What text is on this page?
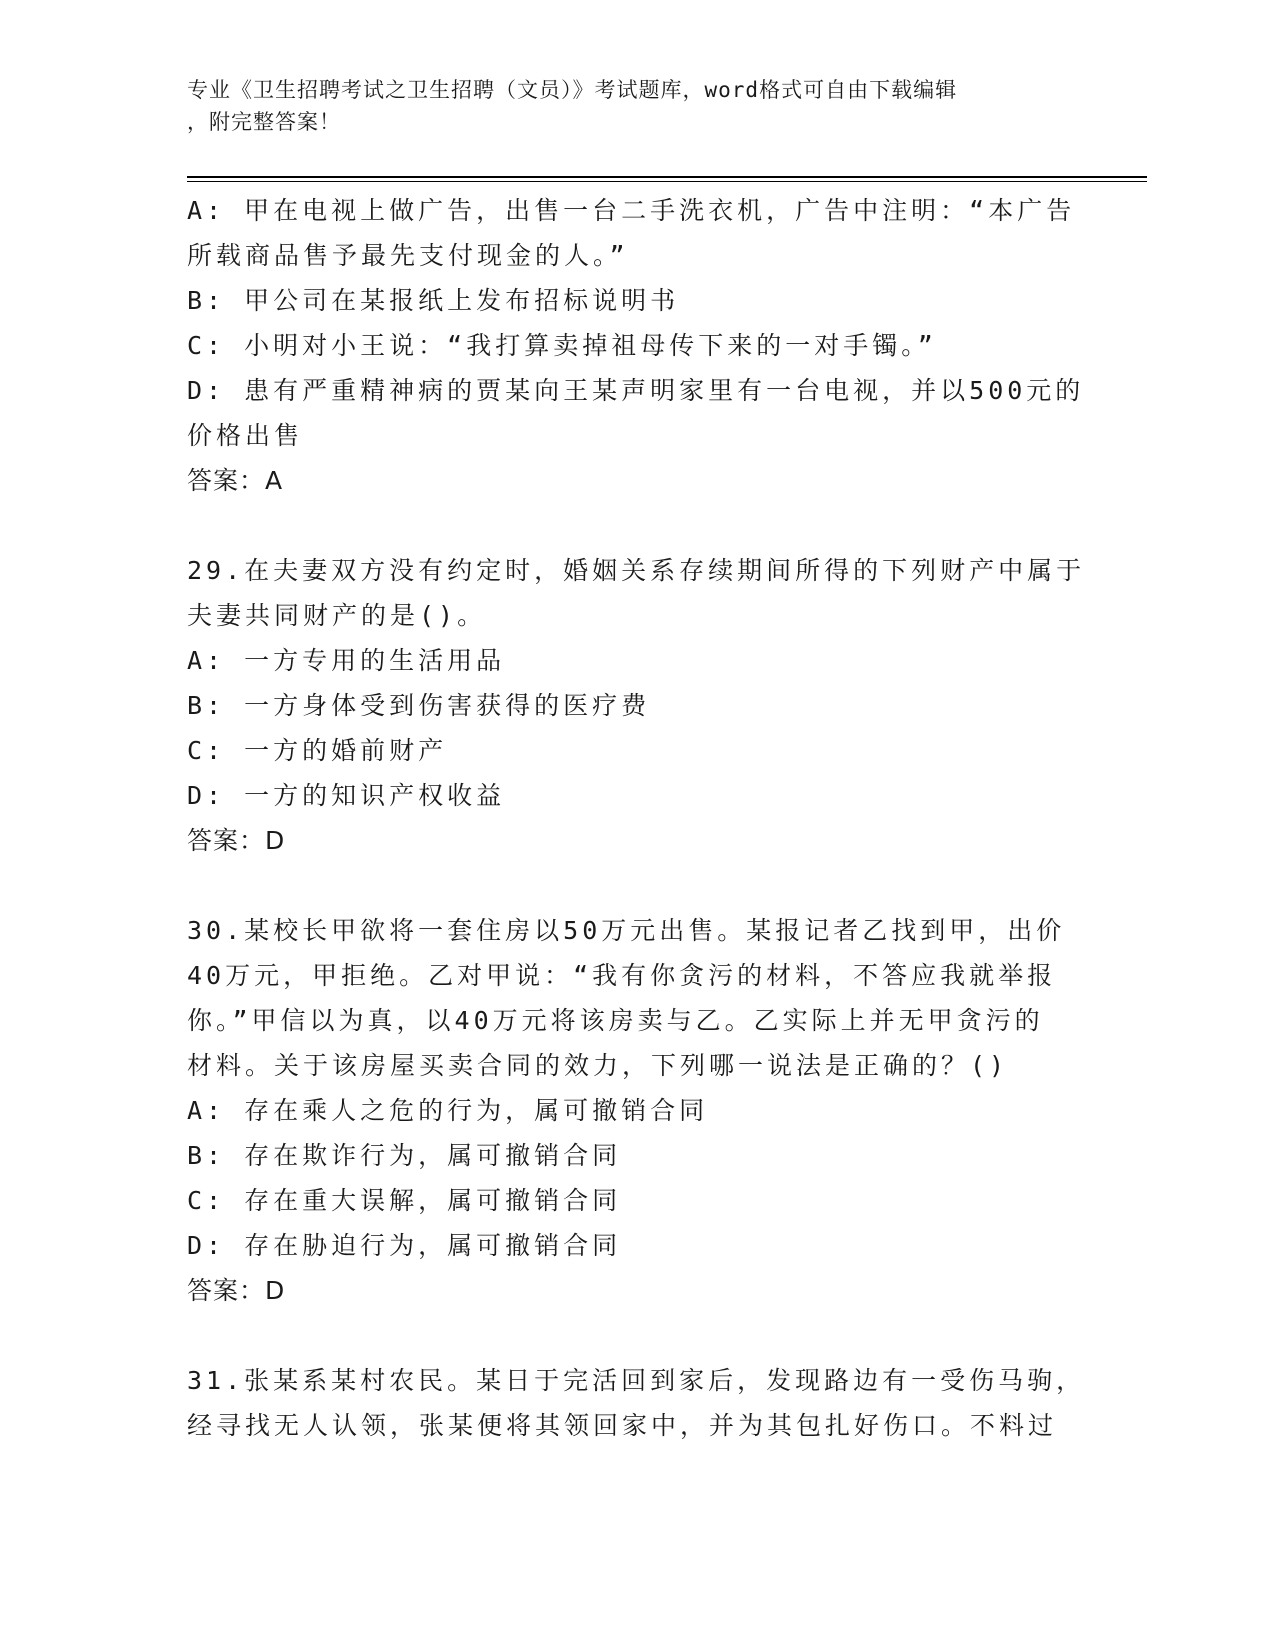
专业《卫生招聘考试之卫生招聘（文员）》考试题库，word格式可自由下载编辑
，附完整答案！
A: 甲在电视上做广告，出售一台二手洗衣机，广告中注明：“本广告
所载商品售予最先支付现金的人。”
B: 甲公司在某报纸上发布招标说明书
C: 小明对小王说：“我打算卖掉祖母传下来的一对手镯。”
D: 患有严重精神病的贾某向王某声明家里有一台电视，并以500元的
价格出售
答案：A
29.在夫妻双方没有约定时，婚姻关系存续期间所得的下列财产中属于
夫妻共同财产的是()。
A: 一方专用的生活用品
B: 一方身体受到伤害获得的医疗费
C: 一方的婚前财产
D: 一方的知识产权收益
答案：D
30.某校长甲欲将一套住房以50万元出售。某报记者乙找到甲，出价
40万元，甲拒绝。乙对甲说：“我有你贪污的材料，不答应我就举报
你。”甲信以为真，以40万元将该房卖与乙。乙实际上并无甲贪污的
材料。关于该房屋买卖合同的效力，下列哪一说法是正确的？()
A: 存在乘人之危的行为，属可撤销合同
B: 存在欺诈行为，属可撤销合同
C: 存在重大误解，属可撤销合同
D: 存在胁迫行为，属可撤销合同
答案：D
31.张某系某村农民。某日于完活回到家后，发现路边有一受伤马驹，
经寻找无人认领，张某便将其领回家中，并为其包扎好伤口。不料过
